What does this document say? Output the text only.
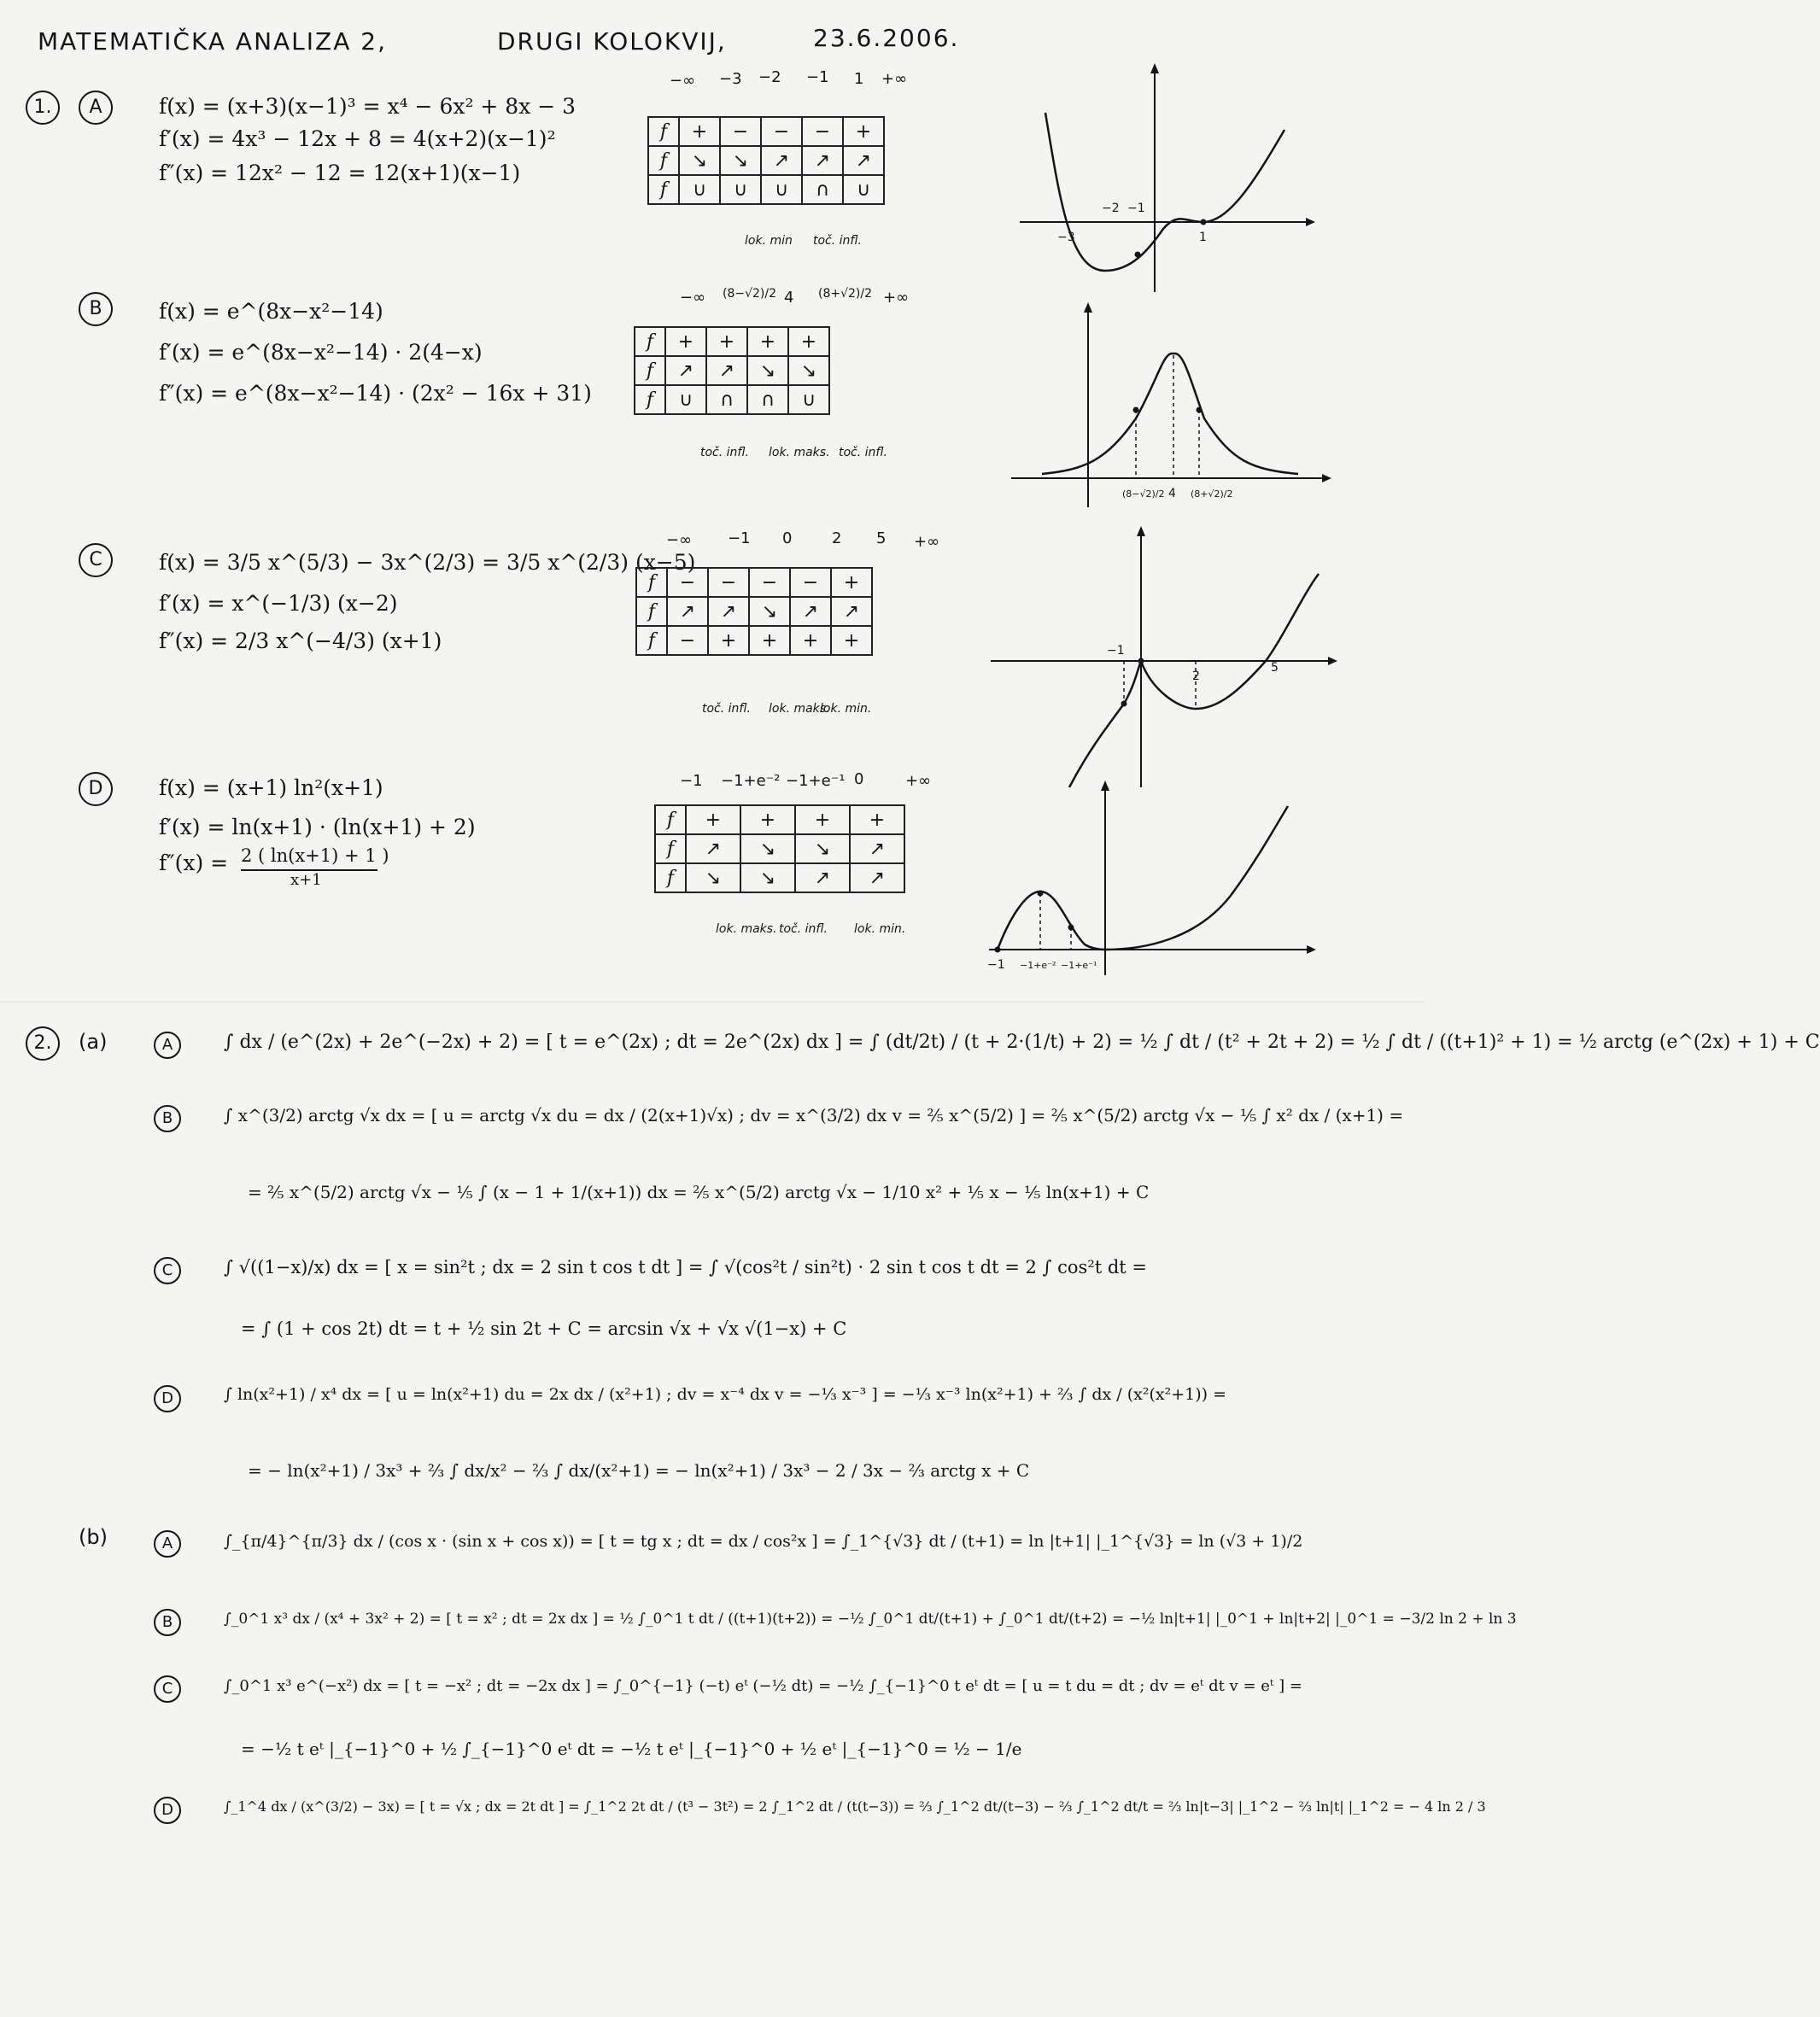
MATEMATIČKA ANALIZA 2,	DRUGI KOLOKVIJ,	23.6.2006.
1.	A	f(x) = (x+3)(x−1)³ = x⁴ − 6x² + 8x − 3
f′(x) = 4x³ − 12x + 8 = 4(x+2)(x−1)²
f″(x) = 12x² − 12 = 12(x+1)(x−1)
−∞ −3 −2 −1 1 +∞
f	+	−	−	−	+
f	↘	↘	↗	↗	↗
f	∪	∪	∪	∩	∪
lok. min toč. infl.	−3
−2 −1
1
B	f(x) = e^(8x−x²−14)
f′(x) = e^(8x−x²−14) · 2(4−x)
f″(x) = e^(8x−x²−14) · (2x² − 16x + 31)
−∞ (8−√2)/2 4 (8+√2)/2 +∞
f	+	+	+	+
f	↗	↗	↘	↘
f	∪	∩	∩	∪
toč. infl. lok. maks. toč. infl.
(8−√2)/2 4 (8+√2)/2
C	f(x) = 3/5 x^(5/3) − 3x^(2/3) = 3/5 x^(2/3) (x−5)
f′(x) = x^(−1/3) (x−2)
f″(x) = 2/3 x^(−4/3) (x+1)
−∞ −1 0	2 5 +∞
f	−	−	−	−	+
f	↗	↗	↘	↗	↗
f	−	+	+	+	+
toč. infl. lok. maks.
lok. min.
−1
2
5
D	f(x) = (x+1) ln²(x+1)
f′(x) = ln(x+1) · (ln(x+1) + 2)
f″(x) = 2 ( ln(x+1) + 1 )
x+1
−1 −1+e⁻² −1+e⁻¹ 0	+∞
f	+	+	+	+
f	↗	↘	↘	↗
f	↘	↘	↗	↗
lok. maks. toč. infl. lok. min.
−1 −1+e⁻² −1+e⁻¹
2.	(a)	A	∫ dx / (e^(2x) + 2e^(−2x) + 2) = [ t = e^(2x) ; dt = 2e^(2x) dx ] = ∫ (dt/2t) / (t + 2·(1/t) + 2) = ½ ∫ dt / (t² + 2t + 2) = ½ ∫ dt / ((t+1)² + 1) = ½ arctg (e^(2x) + 1) + C
B	∫ x^(3/2) arctg √x dx = [ u = arctg √x du = dx / (2(x+1)√x) ; dv = x^(3/2) dx v = ⅖ x^(5/2) ] = ⅖ x^(5/2) arctg √x − ⅕ ∫ x² dx / (x+1) =
= ⅖ x^(5/2) arctg √x − ⅕ ∫ (x − 1 + 1/(x+1)) dx = ⅖ x^(5/2) arctg √x − 1/10 x² + ⅕ x − ⅕ ln(x+1) + C
C	∫ √((1−x)/x) dx = [ x = sin²t ; dx = 2 sin t cos t dt ] = ∫ √(cos²t / sin²t) · 2 sin t cos t dt = 2 ∫ cos²t dt =
= ∫ (1 + cos 2t) dt = t + ½ sin 2t + C = arcsin √x + √x √(1−x) + C
D	∫ ln(x²+1) / x⁴ dx = [ u = ln(x²+1) du = 2x dx / (x²+1) ; dv = x⁻⁴ dx v = −⅓ x⁻³ ] = −⅓ x⁻³ ln(x²+1) + ⅔ ∫ dx / (x²(x²+1)) =
= − ln(x²+1) / 3x³ + ⅔ ∫ dx/x² − ⅔ ∫ dx/(x²+1) = − ln(x²+1) / 3x³ − 2 / 3x − ⅔ arctg x + C
(b)	A	∫_{π/4}^{π/3} dx / (cos x · (sin x + cos x)) = [ t = tg x ; dt = dx / cos²x ] = ∫_1^{√3} dt / (t+1) = ln |t+1| |_1^{√3} = ln (√3 + 1)/2
B	∫_0^1 x³ dx / (x⁴ + 3x² + 2) = [ t = x² ; dt = 2x dx ] = ½ ∫_0^1 t dt / ((t+1)(t+2)) = −½ ∫_0^1 dt/(t+1) + ∫_0^1 dt/(t+2) = −½ ln|t+1| |_0^1 + ln|t+2| |_0^1 = −3/2 ln 2 + ln 3
C	∫_0^1 x³ e^(−x²) dx = [ t = −x² ; dt = −2x dx ] = ∫_0^{−1} (−t) eᵗ (−½ dt) = −½ ∫_{−1}^0 t eᵗ dt = [ u = t du = dt ; dv = eᵗ dt v = eᵗ ] =
= −½ t eᵗ |_{−1}^0 + ½ ∫_{−1}^0 eᵗ dt = −½ t eᵗ |_{−1}^0 + ½ eᵗ |_{−1}^0 = ½ − 1/e
D	∫_1^4 dx / (x^(3/2) − 3x) = [ t = √x ; dx = 2t dt ] = ∫_1^2 2t dt / (t³ − 3t²) = 2 ∫_1^2 dt / (t(t−3)) = ⅔ ∫_1^2 dt/(t−3) − ⅔ ∫_1^2 dt/t = ⅔ ln|t−3| |_1^2 − ⅔ ln|t| |_1^2 = − 4 ln 2 / 3
